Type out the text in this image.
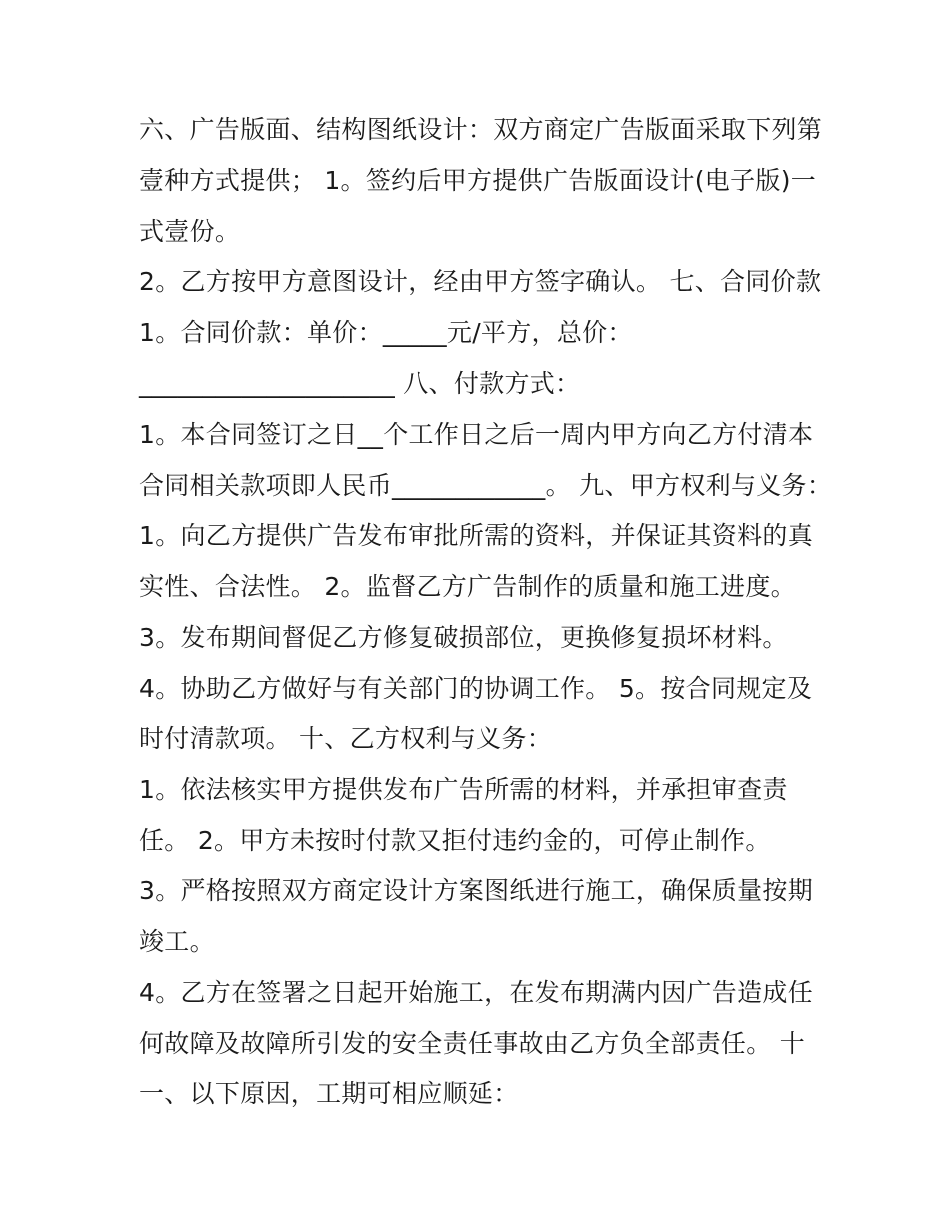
六、广告版面、结构图纸设计：双方商定广告版面采取下列第
壹种方式提供； 1。签约后甲方提供广告版面设计(电子版)一
式壹份。
2。乙方按甲方意图设计，经由甲方签字确认。 七、合同价款
1。合同价款：单价：_____元/平方，总价：
____________________ 八、付款方式：
1。本合同签订之日__个工作日之后一周内甲方向乙方付清本
合同相关款项即人民币____________。 九、甲方权利与义务：
1。向乙方提供广告发布审批所需的资料，并保证其资料的真
实性、合法性。 2。监督乙方广告制作的质量和施工进度。
3。发布期间督促乙方修复破损部位，更换修复损坏材料。
4。协助乙方做好与有关部门的协调工作。 5。按合同规定及
时付清款项。 十、乙方权利与义务：
1。依法核实甲方提供发布广告所需的材料，并承担审查责
任。 2。甲方未按时付款又拒付违约金的，可停止制作。
3。严格按照双方商定设计方案图纸进行施工，确保质量按期
竣工。
4。乙方在签署之日起开始施工，在发布期满内因广告造成任
何故障及故障所引发的安全责任事故由乙方负全部责任。 十
一、以下原因，工期可相应顺延：
